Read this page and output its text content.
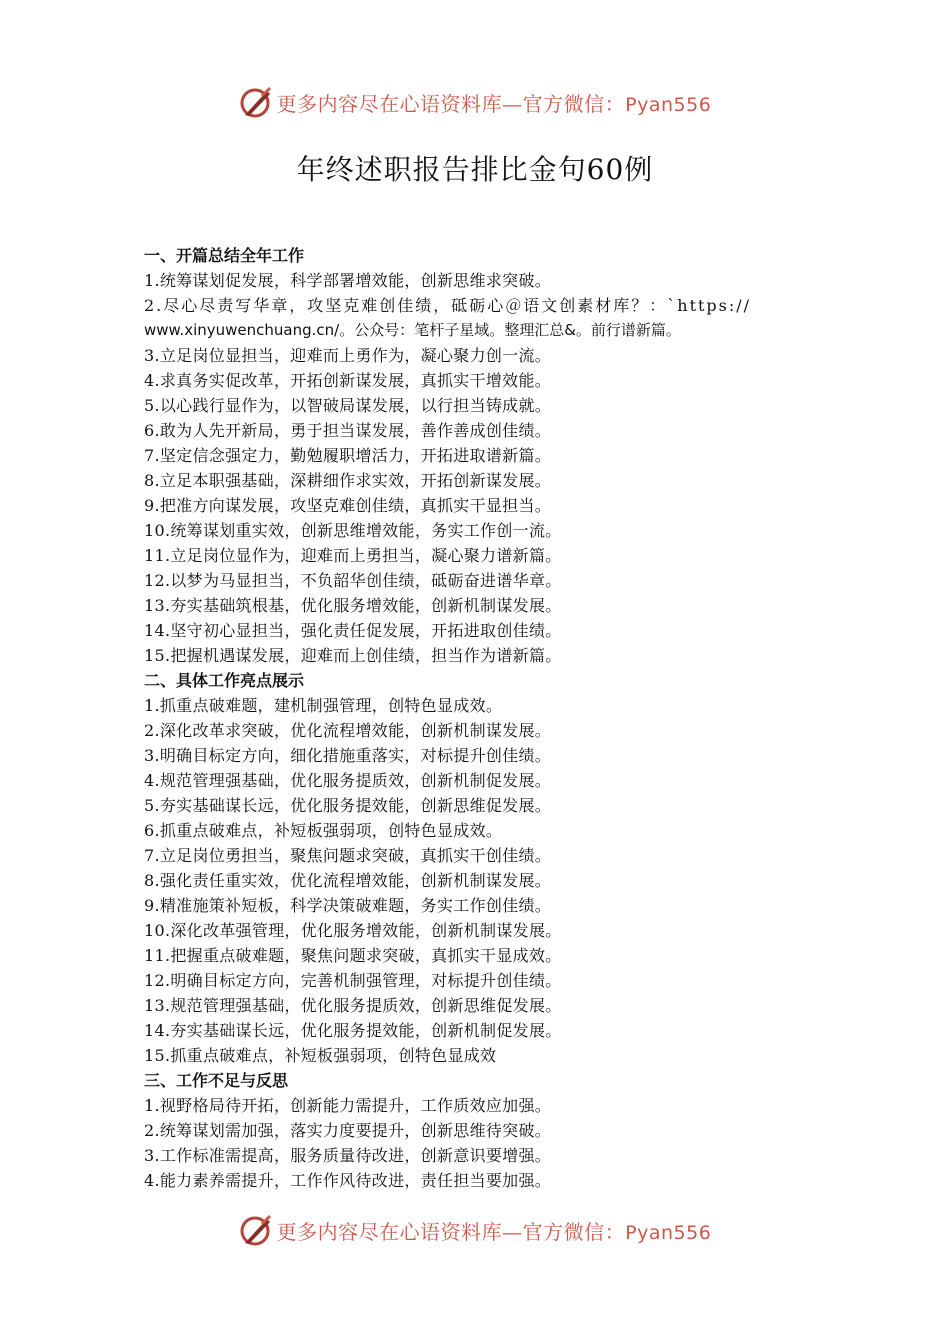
更多内容尽在心语资料库—官方微信：Pyan556
年终述职报告排比金句60例
一、开篇总结全年工作
1.统筹谋划促发展，科学部署增效能，创新思维求突破。
2.尽心尽责写华章，攻坚克难创佳绩，砥砺心＠语文创素材库？：`https://
www.xinyuwenchuang.cn/。公众号：笔杆子星域。整理汇总&。前行谱新篇。
3.立足岗位显担当，迎难而上勇作为，凝心聚力创一流。
4.求真务实促改革，开拓创新谋发展，真抓实干增效能。
5.以心践行显作为，以智破局谋发展，以行担当铸成就。
6.敢为人先开新局，勇于担当谋发展，善作善成创佳绩。
7.坚定信念强定力，勤勉履职增活力，开拓进取谱新篇。
8.立足本职强基础，深耕细作求实效，开拓创新谋发展。
9.把准方向谋发展，攻坚克难创佳绩，真抓实干显担当。
10.统筹谋划重实效，创新思维增效能，务实工作创一流。
11.立足岗位显作为，迎难而上勇担当，凝心聚力谱新篇。
12.以梦为马显担当，不负韶华创佳绩，砥砺奋进谱华章。
13.夯实基础筑根基，优化服务增效能，创新机制谋发展。
14.坚守初心显担当，强化责任促发展，开拓进取创佳绩。
15.把握机遇谋发展，迎难而上创佳绩，担当作为谱新篇。
二、具体工作亮点展示
1.抓重点破难题，建机制强管理，创特色显成效。
2.深化改革求突破，优化流程增效能，创新机制谋发展。
3.明确目标定方向，细化措施重落实，对标提升创佳绩。
4.规范管理强基础，优化服务提质效，创新机制促发展。
5.夯实基础谋长远，优化服务提效能，创新思维促发展。
6.抓重点破难点，补短板强弱项，创特色显成效。
7.立足岗位勇担当，聚焦问题求突破，真抓实干创佳绩。
8.强化责任重实效，优化流程增效能，创新机制谋发展。
9.精准施策补短板，科学决策破难题，务实工作创佳绩。
10.深化改革强管理，优化服务增效能，创新机制谋发展。
11.把握重点破难题，聚焦问题求突破，真抓实干显成效。
12.明确目标定方向，完善机制强管理，对标提升创佳绩。
13.规范管理强基础，优化服务提质效，创新思维促发展。
14.夯实基础谋长远，优化服务提效能，创新机制促发展。
15.抓重点破难点，补短板强弱项，创特色显成效
三、工作不足与反思
1.视野格局待开拓，创新能力需提升，工作质效应加强。
2.统筹谋划需加强，落实力度要提升，创新思维待突破。
3.工作标准需提高，服务质量待改进，创新意识要增强。
4.能力素养需提升，工作作风待改进，责任担当要加强。
更多内容尽在心语资料库—官方微信：Pyan556
